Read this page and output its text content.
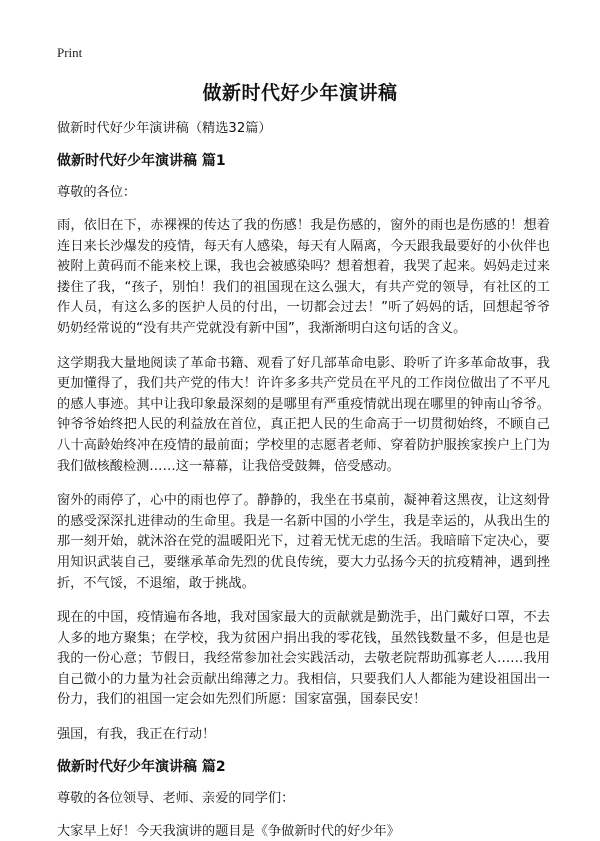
Print
做新时代好少年演讲稿

做新时代好少年演讲稿（精选32篇）

做新时代好少年演讲稿 篇1

尊敬的各位：

雨，依旧在下，赤裸裸的传达了我的伤感！我是伤感的，窗外的雨也是伤感的！想着连日来长沙爆发的疫情，每天有人感染，每天有人隔离，今天跟我最要好的小伙伴也被附上黄码而不能来校上课，我也会被感染吗？想着想着，我哭了起来。妈妈走过来搂住了我，“孩子，别怕！我们的祖国现在这么强大，有共产党的领导，有社区的工作人员，有这么多的医护人员的付出，一切都会过去！”听了妈妈的话，回想起爷爷奶奶经常说的“没有共产党就没有新中国”，我渐渐明白这句话的含义。

这学期我大量地阅读了革命书籍、观看了好几部革命电影、聆听了许多革命故事，我更加懂得了，我们共产党的伟大！许许多多共产党员在平凡的工作岗位做出了不平凡的感人事迹。其中让我印象最深刻的是哪里有严重疫情就出现在哪里的钟南山爷爷。钟爷爷始终把人民的利益放在首位，真正把人民的生命高于一切贯彻始终，不顾自己八十高龄始终冲在疫情的最前面；学校里的志愿者老师、穿着防护服挨家挨户上门为我们做核酸检测……这一幕幕，让我倍受鼓舞，倍受感动。

窗外的雨停了，心中的雨也停了。静静的，我坐在书桌前，凝神着这黑夜，让这刻骨的感受深深扎进律动的生命里。我是一名新中国的小学生，我是幸运的，从我出生的那一刻开始，就沐浴在党的温暖阳光下，过着无忧无虑的生活。我暗暗下定决心，要用知识武装自己，要继承革命先烈的优良传统，要大力弘扬今天的抗疫精神，遇到挫折，不气馁，不退缩，敢于挑战。

现在的中国，疫情遍布各地，我对国家最大的贡献就是勤洗手，出门戴好口罩，不去人多的地方聚集；在学校，我为贫困户捐出我的零花钱，虽然钱数量不多，但是也是我的一份心意；节假日，我经常参加社会实践活动，去敬老院帮助孤寡老人……我用自己微小的力量为社会贡献出绵薄之力。我相信，只要我们人人都能为建设祖国出一份力，我们的祖国一定会如先烈们所愿：国家富强，国泰民安！

强国，有我，我正在行动！

做新时代好少年演讲稿 篇2

尊敬的各位领导、老师、亲爱的同学们：

大家早上好！今天我演讲的题目是《争做新时代的好少年》
